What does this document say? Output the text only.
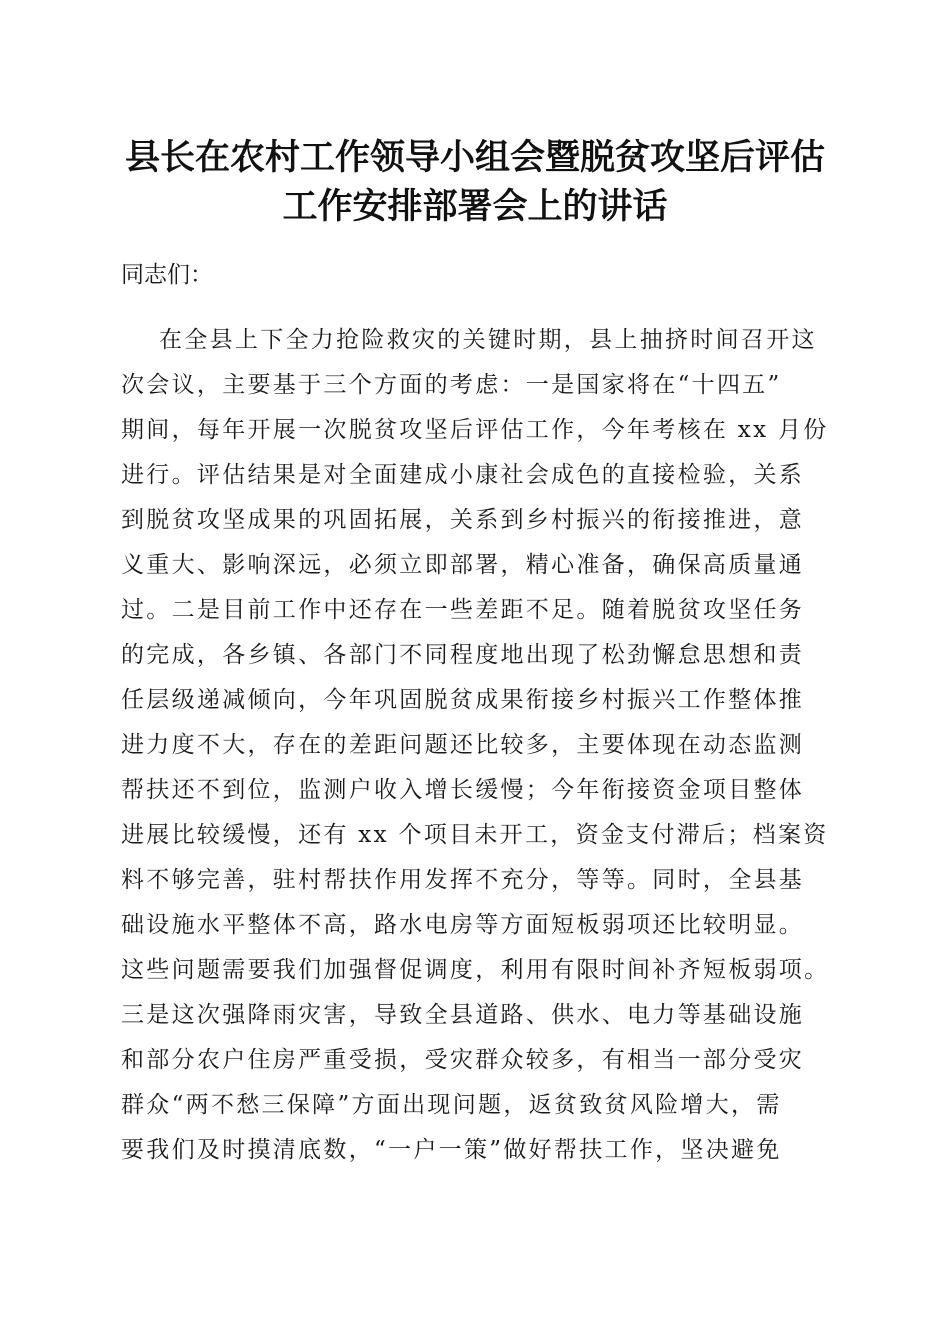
县长在农村工作领导小组会暨脱贫攻坚后评估
工作安排部署会上的讲话

同志们：

在全县上下全力抢险救灾的关键时期，县上抽挤时间召开这

次会议，主要基于三个方面的考虑：一是国家将在“十四五”

期间，每年开展一次脱贫攻坚后评估工作，今年考核在 xx 月份

进行。评估结果是对全面建成小康社会成色的直接检验，关系

到脱贫攻坚成果的巩固拓展，关系到乡村振兴的衔接推进，意

义重大、影响深远，必须立即部署，精心准备，确保高质量通

过。二是目前工作中还存在一些差距不足。随着脱贫攻坚任务

的完成，各乡镇、各部门不同程度地出现了松劲懈怠思想和责

任层级递减倾向，今年巩固脱贫成果衔接乡村振兴工作整体推

进力度不大，存在的差距问题还比较多，主要体现在动态监测

帮扶还不到位，监测户收入增长缓慢；今年衔接资金项目整体

进展比较缓慢，还有 xx 个项目未开工，资金支付滞后；档案资

料不够完善，驻村帮扶作用发挥不充分，等等。同时，全县基

础设施水平整体不高，路水电房等方面短板弱项还比较明显。

这些问题需要我们加强督促调度，利用有限时间补齐短板弱项。

三是这次强降雨灾害，导致全县道路、供水、电力等基础设施

和部分农户住房严重受损，受灾群众较多，有相当一部分受灾

群众“两不愁三保障”方面出现问题，返贫致贫风险增大，需

要我们及时摸清底数，“一户一策”做好帮扶工作，坚决避免
